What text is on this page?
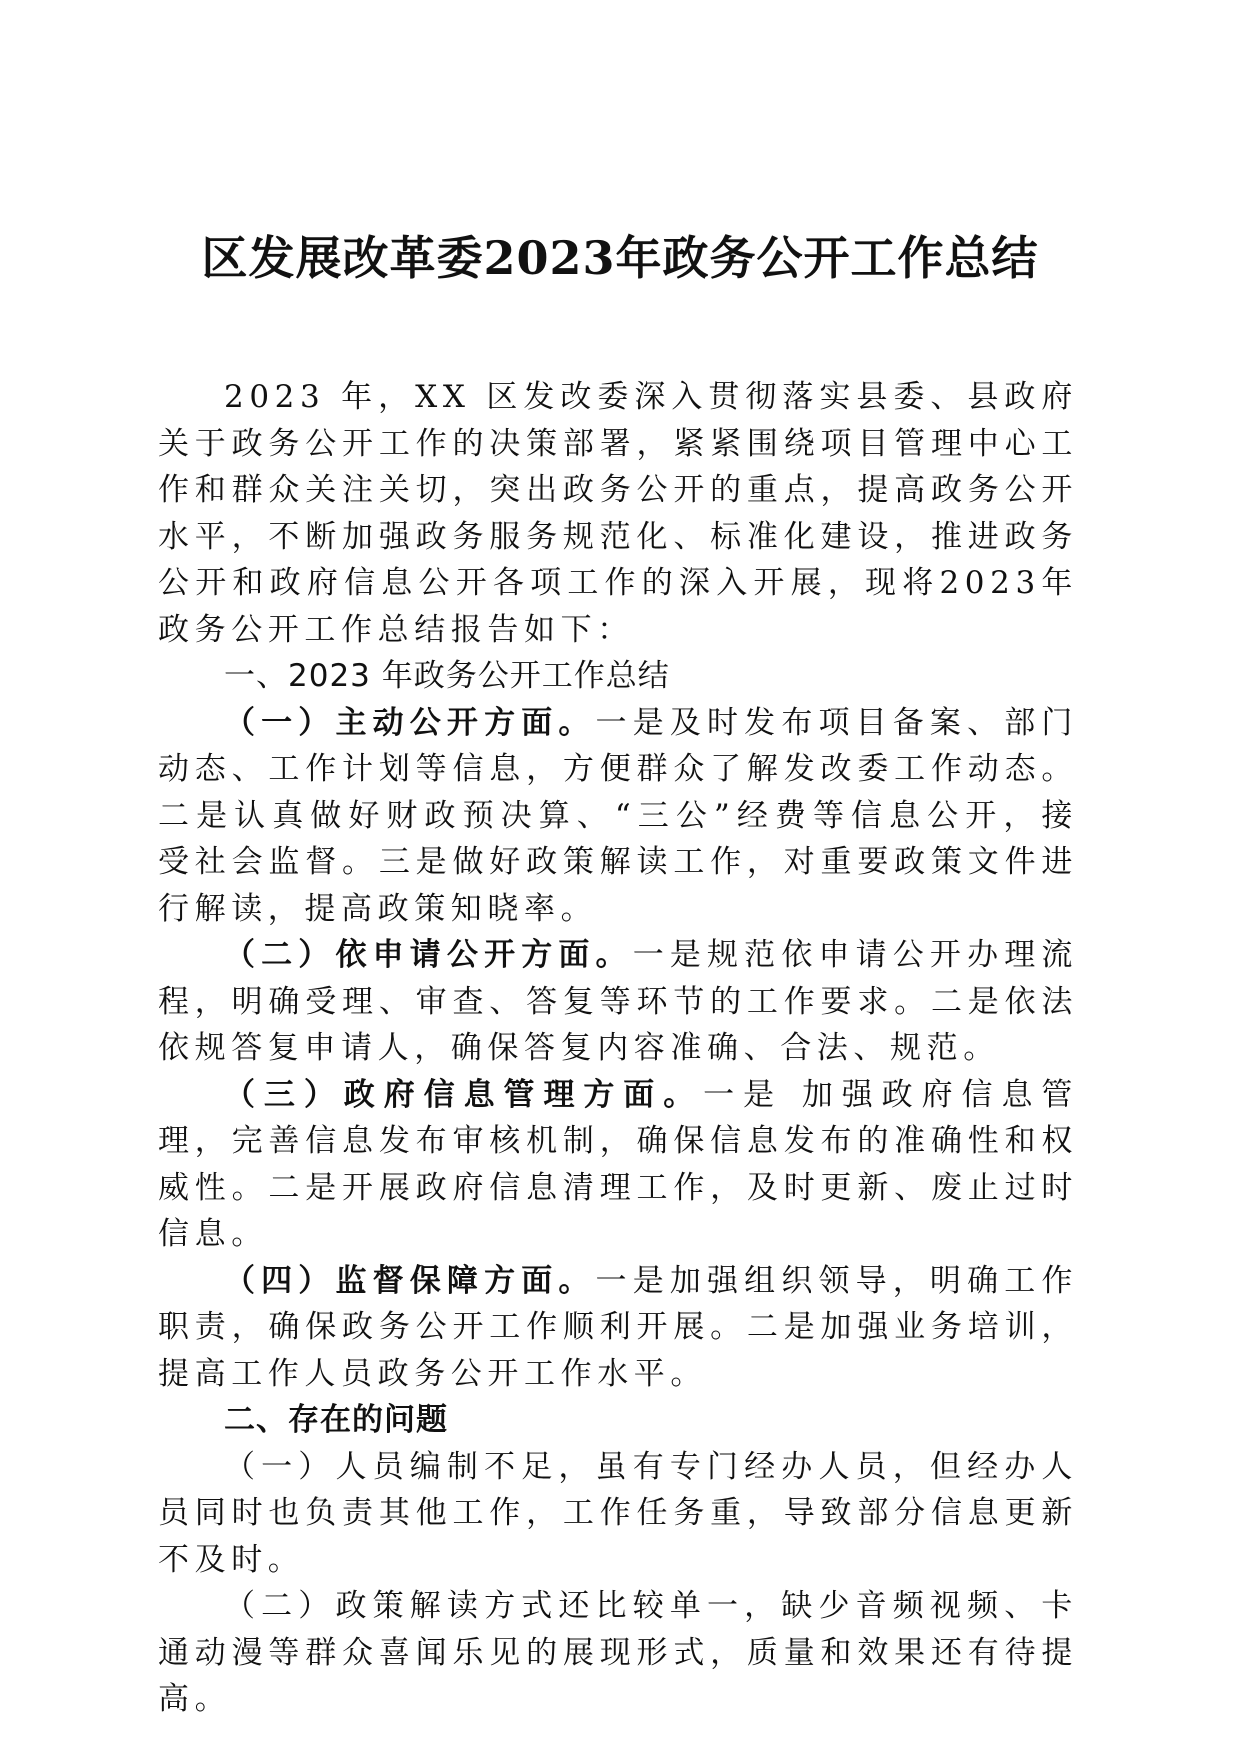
区发展改革委2023年政务公开工作总结

2023 年，XX 区发改委深入贯彻落实县委、县政府关于政务公开工作的决策部署，紧紧围绕项目管理中心工作和群众关注关切，突出政务公开的重点，提高政务公开水平，不断加强政务服务规范化、标准化建设，推进政务公开和政府信息公开各项工作的深入开展，现将2023年政务公开工作总结报告如下：

一、2023 年政务公开工作总结

（一）主动公开方面。一是及时发布项目备案、部门动态、工作计划等信息，方便群众了解发改委工作动态。二是认真做好财政预决算、“三公”经费等信息公开，接受社会监督。三是做好政策解读工作，对重要政策文件进行解读，提高政策知晓率。

（二）依申请公开方面。一是规范依申请公开办理流程，明确受理、审查、答复等环节的工作要求。二是依法依规答复申请人，确保答复内容准确、合法、规范。

（三）政府信息管理方面。一是 加强政府信息管理，完善信息发布审核机制，确保信息发布的准确性和权威性。二是开展政府信息清理工作，及时更新、废止过时信息。

（四）监督保障方面。一是加强组织领导，明确工作职责，确保政务公开工作顺利开展。二是加强业务培训，提高工作人员政务公开工作水平。

二、存在的问题

（一）人员编制不足，虽有专门经办人员，但经办人员同时也负责其他工作，工作任务重，导致部分信息更新不及时。

（二）政策解读方式还比较单一，缺少音频视频、卡通动漫等群众喜闻乐见的展现形式，质量和效果还有待提高。
